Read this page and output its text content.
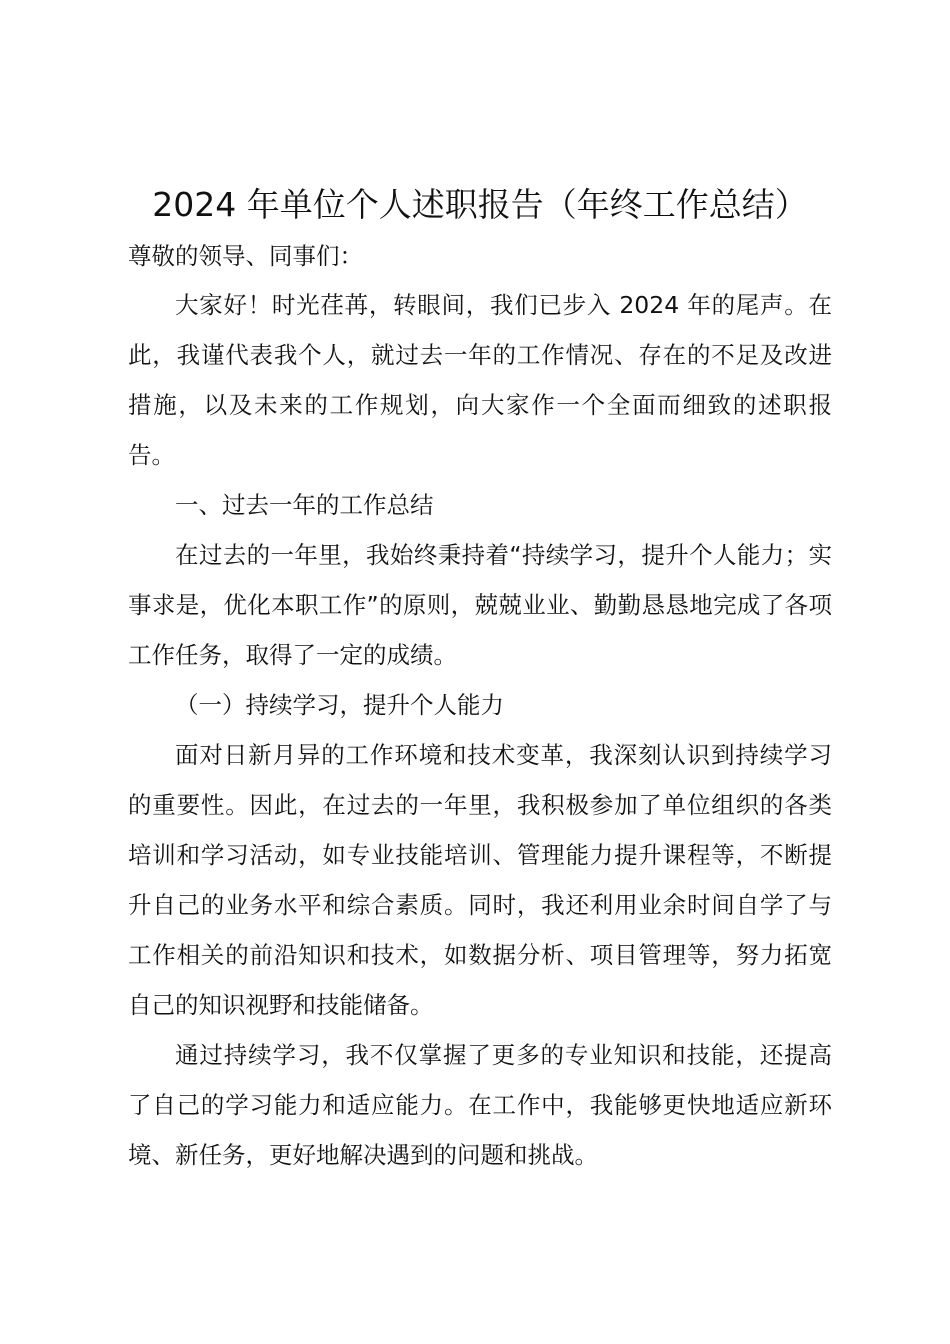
2024 年单位个人述职报告（年终工作总结）

尊敬的领导、同事们：

大家好！时光荏苒，转眼间，我们已步入 2024 年的尾声。在此，我谨代表我个人，就过去一年的工作情况、存在的不足及改进措施，以及未来的工作规划，向大家作一个全面而细致的述职报告。

一、过去一年的工作总结

在过去的一年里，我始终秉持着“持续学习，提升个人能力；实事求是，优化本职工作”的原则，兢兢业业、勤勤恳恳地完成了各项工作任务，取得了一定的成绩。

（一）持续学习，提升个人能力

面对日新月异的工作环境和技术变革，我深刻认识到持续学习的重要性。因此，在过去的一年里，我积极参加了单位组织的各类培训和学习活动，如专业技能培训、管理能力提升课程等，不断提升自己的业务水平和综合素质。同时，我还利用业余时间自学了与工作相关的前沿知识和技术，如数据分析、项目管理等，努力拓宽自己的知识视野和技能储备。

通过持续学习，我不仅掌握了更多的专业知识和技能，还提高了自己的学习能力和适应能力。在工作中，我能够更快地适应新环境、新任务，更好地解决遇到的问题和挑战。
